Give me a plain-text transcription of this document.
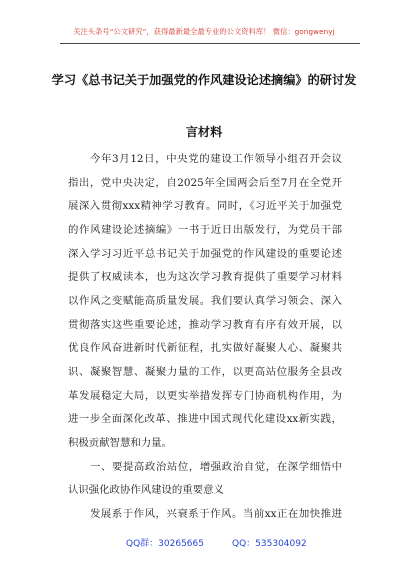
关注头条号“公文研究”，获得最新最全最专业的公文资料库！ 微信：gongwenyj
学习《总书记关于加强党的作风建设论述摘编》的研讨发
言材料
今年3月12日，中央党的建设工作领导小组召开会议
指出，党中央决定，自2025年全国两会后至7月在全党开
展深入贯彻xxx精神学习教育。同时，《习近平关于加强党
的作风建设论述摘编》一书于近日出版发行，为党员干部
深入学习习近平总书记关于加强党的作风建设的重要论述
提供了权威读本，也为这次学习教育提供了重要学习材料
以作风之变赋能高质量发展。我们要认真学习领会、深入
贯彻落实这些重要论述，推动学习教育有序有效开展，以
优良作风奋进新时代新征程，扎实做好凝聚人心、凝聚共
识、凝聚智慧、凝聚力量的工作，以更高站位服务全县改
革发展稳定大局，以更实举措发挥专门协商机构作用，为
进一步全面深化改革、推进中国式现代化建设xx新实践，
积极贡献智慧和力量。
一、要提高政治站位，增强政治自觉，在深学细悟中
认识强化政协作风建设的重要意义
发展系于作风，兴衰系于作风。当前xx正在加快推进
QQ群：30265665	QQ：535304092
